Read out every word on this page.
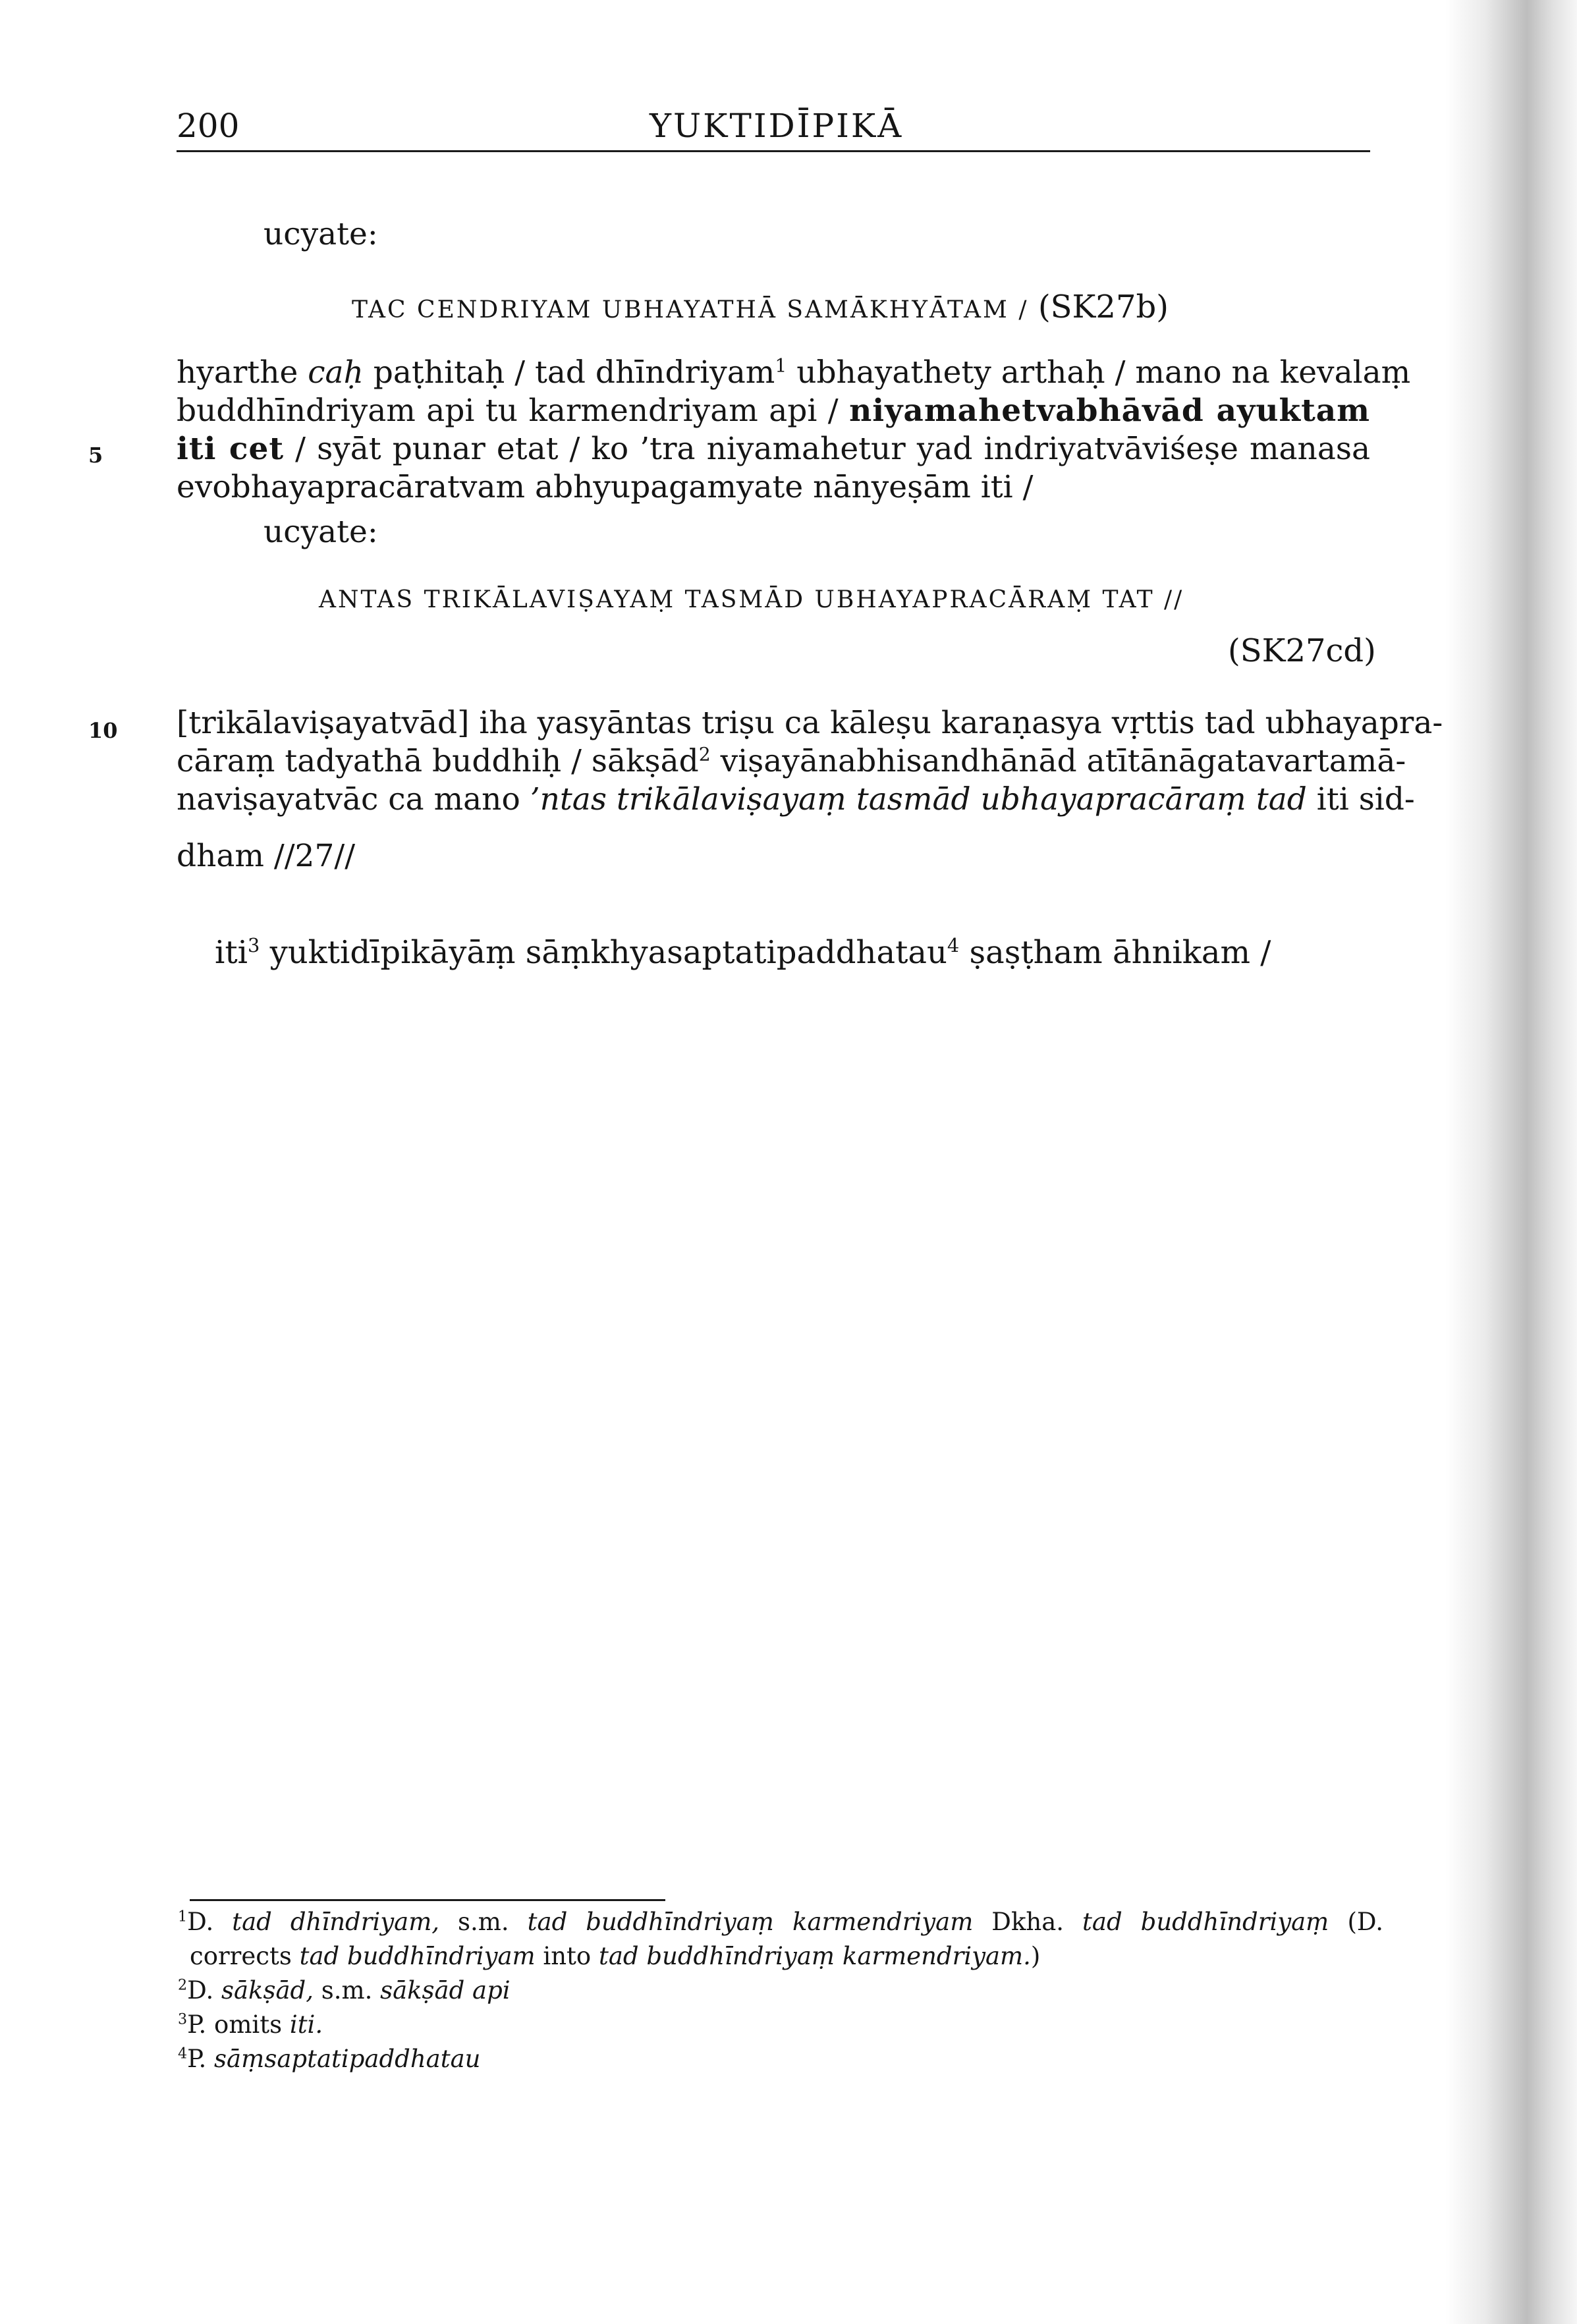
200	YUKTIDĪPIKĀ
ucyate:
TAC CENDRIYAM UBHAYATHĀ SAMĀKHYĀTAM / (SK27b)
hyarthe caḥ paṭhitaḥ / tad dhīndriyam$^1$ ubhayathety arthaḥ / mano na kevalaṃ
buddhīndriyam api tu karmendriyam api / niyamahetvabhāvād ayuktam
5 iti cet / syāt punar etat / ko ’tra niyamahetur yad indriyatvāviśeṣe manasa
evobhayapracāratvam abhyupagamyate nānyeṣām iti /
ucyate:
ANTAS TRIKĀLAVIṢAYAṂ TASMĀD UBHAYAPRACĀRAṂ TAT //
(SK27cd)
10 [trikālaviṣayatvād] iha yasyāntas triṣu ca kāleṣu karaṇasya vṛttis tad ubhayapra-
cāraṃ tadyathā buddhiḥ / sākṣād$^2$ viṣayānabhisandhānād atītānāgatavartamā-
naviṣayatvāc ca mano ’ntas trikālaviṣayaṃ tasmād ubhayapracāraṃ tad iti sid-
dham //27//
iti$^3$ yuktidīpikāyāṃ sāṃkhyasaptatipaddhatau$^4$ ṣaṣṭham āhnikam /
$^1$D. tad dhīndriyam, s.m. tad buddhīndriyaṃ karmendriyam Dkha. tad buddhīndriyaṃ (D.
corrects tad buddhīndriyam into tad buddhīndriyaṃ karmendriyam.)
$^2$D. sākṣād, s.m. sākṣād api
$^3$P. omits iti.
$^4$P. sāṃsaptatipaddhatau
